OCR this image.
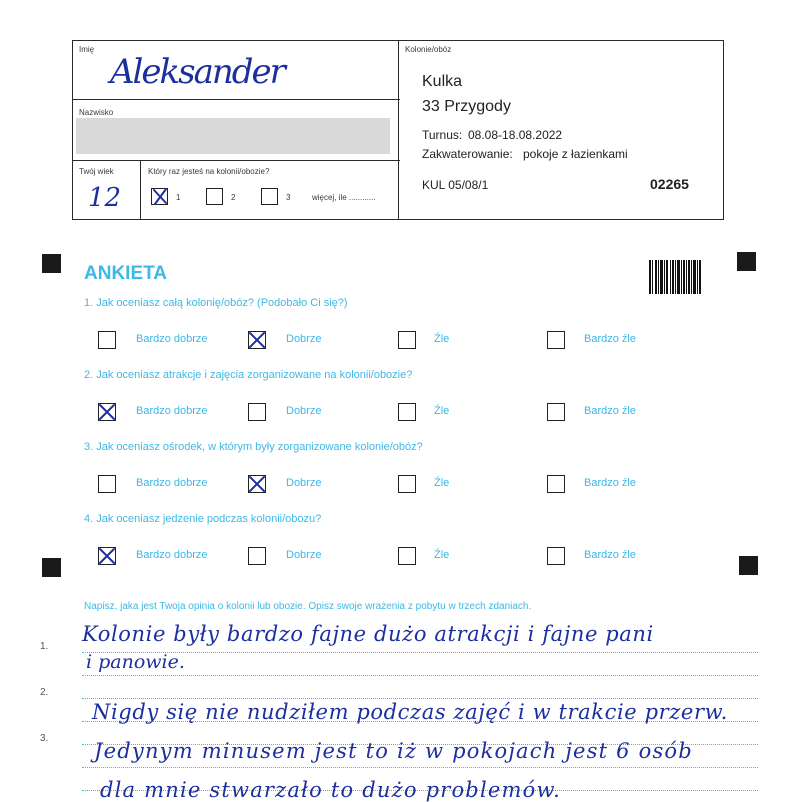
Imię
Aleksander
Nazwisko
Twój wiek
12
Który raz jesteś na kolonii/obozie?
1	2	3	więcej, ile ............
Kolonie/obóz
Kulka
33 Przygody
Turnus: 08.08-18.08.2022
Zakwaterowanie: pokoje z łazienkami
KUL 05/08/1	02265
ANKIETA
1. Jak oceniasz całą kolonię/obóz? (Podobało Ci się?)
Bardzo dobrze	Dobrze	Źle	Bardzo źle
2. Jak oceniasz atrakcje i zajęcia zorganizowane na kolonii/obozie?
Bardzo dobrze	Dobrze	Źle	Bardzo źle
3. Jak oceniasz ośrodek, w którym były zorganizowane kolonie/obóz?
Bardzo dobrze	Dobrze	Źle	Bardzo źle
4. Jak oceniasz jedzenie podczas kolonii/obozu?
Bardzo dobrze	Dobrze	Źle	Bardzo źle
Napisz, jaka jest Twoja opinia o kolonii lub obozie. Opisz swoje wrażenia z pobytu w trzech zdaniach.
1.
2.
3.
Kolonie były bardzo fajne dużo atrakcji i fajne pani
i panowie.
Nigdy się nie nudziłem podczas zajęć i w trakcie przerw.
Jedynym minusem jest to iż w pokojach jest 6 osób
dla mnie stwarzało to dużo problemów.
